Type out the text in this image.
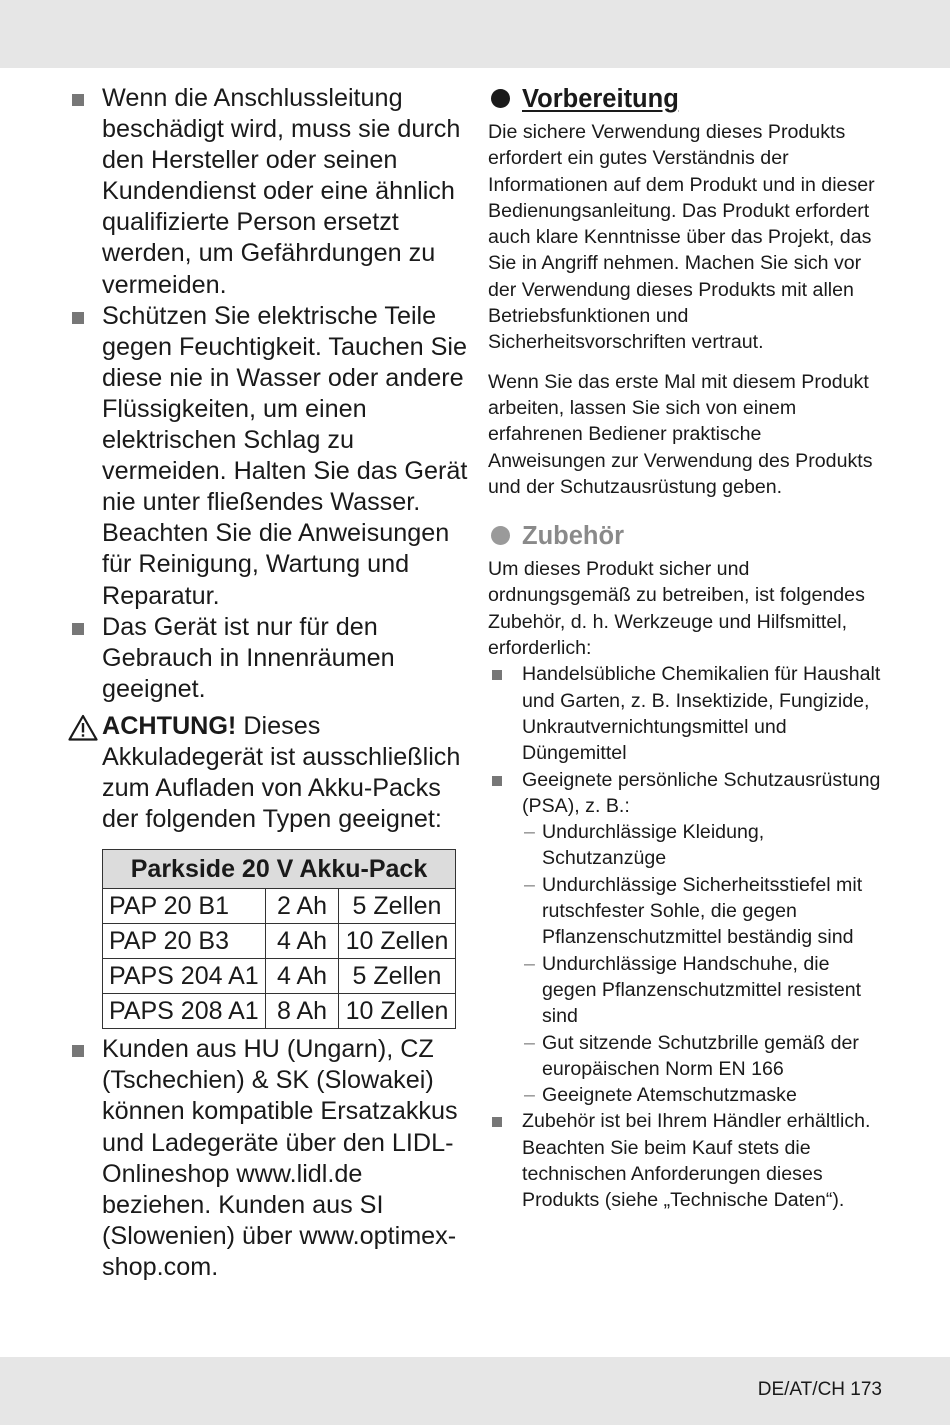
Wenn die Anschlussleitung beschädigt wird, muss sie durch den Hersteller oder seinen Kundendienst oder eine ähnlich qualifizierte Person ersetzt werden, um Gefährdungen zu vermeiden.
Schützen Sie elektrische Teile gegen Feuchtigkeit. Tauchen Sie diese nie in Wasser oder andere Flüssigkeiten, um einen elektrischen Schlag zu vermeiden. Halten Sie das Gerät nie unter fließendes Wasser. Beachten Sie die Anweisungen für Reinigung, Wartung und Reparatur.
Das Gerät ist nur für den Gebrauch in Innenräumen geeignet.
ACHTUNG! Dieses Akkuladegerät ist ausschließlich zum Aufladen von Akku-Packs der folgenden Typen geeignet:
Parkside 20 V Akku-Pack		
PAP 20 B1	2 Ah	5 Zellen
PAP 20 B3	4 Ah	10 Zellen
PAPS 204 A1	4 Ah	5 Zellen
PAPS 208 A1	8 Ah	10 Zellen
Kunden aus HU (Ungarn), CZ (Tschechien) & SK (Slowakei) können kompatible Ersatzakkus und Ladegeräte über den LIDL-Onlineshop www.lidl.de beziehen. Kunden aus SI (Slowenien) über www.optimex-shop.com.
Vorbereitung
Die sichere Verwendung dieses Produkts erfordert ein gutes Verständnis der Informationen auf dem Produkt und in dieser Bedienungsanleitung. Das Produkt erfordert auch klare Kenntnisse über das Projekt, das Sie in Angriff nehmen. Machen Sie sich vor der Verwendung dieses Produkts mit allen Betriebsfunktionen und Sicherheitsvorschriften vertraut.
Wenn Sie das erste Mal mit diesem Produkt arbeiten, lassen Sie sich von einem erfahrenen Bediener praktische Anweisungen zur Verwendung des Produkts und der Schutzausrüstung geben.
Zubehör
Um dieses Produkt sicher und ordnungsgemäß zu betreiben, ist folgendes Zubehör, d. h. Werkzeuge und Hilfsmittel, erforderlich:
Handelsübliche Chemikalien für Haushalt und Garten, z. B. Insektizide, Fungizide, Unkrautvernichtungsmittel und Düngemittel
Geeignete persönliche Schutzausrüstung (PSA), z. B.:
– Undurchlässige Kleidung, Schutzanzüge
– Undurchlässige Sicherheitsstiefel mit rutschfester Sohle, die gegen Pflanzenschutzmittel beständig sind
– Undurchlässige Handschuhe, die gegen Pflanzenschutzmittel resistent sind
– Gut sitzende Schutzbrille gemäß der europäischen Norm EN 166
– Geeignete Atemschutzmaske
Zubehör ist bei Ihrem Händler erhältlich. Beachten Sie beim Kauf stets die technischen Anforderungen dieses Produkts (siehe „Technische Daten“).
DE/AT/CH 173
